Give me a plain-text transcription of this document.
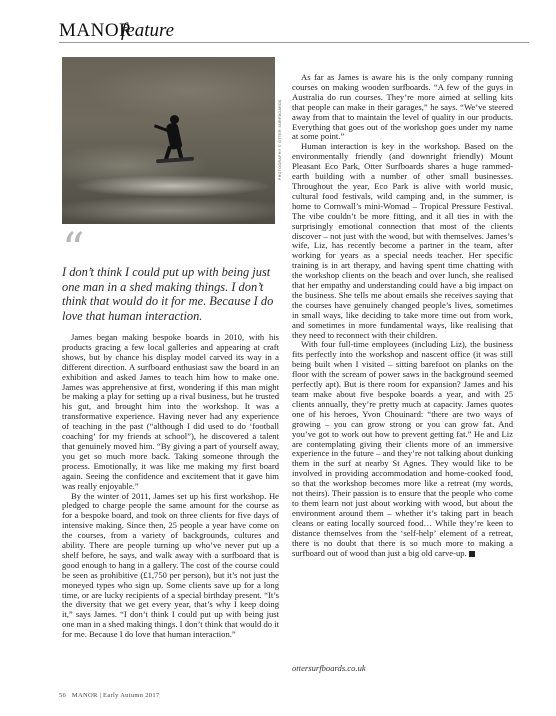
MANOR
feature
PHOTOGRAPHY © OTTER SURFBOARDS
“

I don’t think I could put up with being just one man in a shed making things. I don’t think that would do it for me. Because I do love that human interaction.

James began making bespoke boards in 2010, with his products gracing a few local galleries and appearing at craft shows, but by chance his display model carved its way in a different direction. A surfboard enthusiast saw the board in an exhibition and asked James to teach him how to make one. James was apprehensive at first, wondering if this man might be making a play for setting up a rival business, but he trusted his gut, and brought him into the workshop. It was a transformative experience. Having never had any experience of teaching in the past (“although I did used to do ‘football coaching’ for my friends at school”), he discovered a talent that genuinely moved him. “By giving a part of yourself away, you get so much more back. Taking someone through the process. Emotionally, it was like me making my first board again. Seeing the confidence and excitement that it gave him was really enjoyable.”

By the winter of 2011, James set up his first workshop. He pledged to charge people the same amount for the course as for a bespoke board, and took on three clients for five days of intensive making. Since then, 25 people a year have come on the courses, from a variety of backgrounds, cultures and ability. There are people turning up who’ve never put up a shelf before, he says, and walk away with a surfboard that is good enough to hang in a gallery. The cost of the course could be seen as prohibitive (£1,750 per person), but it’s not just the moneyed types who sign up. Some clients save up for a long time, or are lucky recipients of a special birthday present. “It’s the diversity that we get every year, that’s why I keep doing it,” says James. “I don’t think I could put up with being just one man in a shed making things. I don’t think that would do it for me. Because I do love that human interaction.”

As far as James is aware his is the only company running courses on making wooden surfboards. “A few of the guys in Australia do run courses. They’re more aimed at selling kits that people can make in their garages,” he says. “We’ve steered away from that to maintain the level of quality in our products. Everything that goes out of the workshop goes under my name at some point.”

Human interaction is key in the workshop. Based on the environmentally friendly (and downright friendly) Mount Pleasant Eco Park, Otter Surfboards shares a huge rammed-earth building with a number of other small businesses. Throughout the year, Eco Park is alive with world music, cultural food festivals, wild camping and, in the summer, is home to Cornwall’s mini-Womad – Tropical Pressure Festival. The vibe couldn’t be more fitting, and it all ties in with the surprisingly emotional connection that most of the clients discover – not just with the wood, but with themselves. James’s wife, Liz, has recently become a partner in the team, after working for years as a special needs teacher. Her specific training is in art therapy, and having spent time chatting with the workshop clients on the beach and over lunch, she realised that her empathy and understanding could have a big impact on the business. She tells me about emails she receives saying that the courses have genuinely changed people’s lives, sometimes in small ways, like deciding to take more time out from work, and sometimes in more fundamental ways, like realising that they need to reconnect with their children.

With four full-time employees (including Liz), the business fits perfectly into the workshop and nascent office (it was still being built when I visited – sitting barefoot on planks on the floor with the scream of power saws in the background seemed perfectly apt). But is there room for expansion? James and his team make about five bespoke boards a year, and with 25 clients annually, they’re pretty much at capacity. James quotes one of his heroes, Yvon Chouinard: “there are two ways of growing – you can grow strong or you can grow fat. And you’ve got to work out how to prevent getting fat.” He and Liz are contemplating giving their clients more of an immersive experience in the future – and they’re not talking about dunking them in the surf at nearby St Agnes. They would like to be involved in providing accommodation and home-cooked food, so that the workshop becomes more like a retreat (my words, not theirs). Their passion is to ensure that the people who come to them learn not just about working with wood, but about the environment around them – whether it’s taking part in beach cleans or eating locally sourced food… While they’re keen to distance themselves from the ‘self-help’ element of a retreat, there is no doubt that there is so much more to making a surfboard out of wood than just a big old carve-up.

ottersurfboards.co.uk
56 MANOR | Early Autumn 2017
